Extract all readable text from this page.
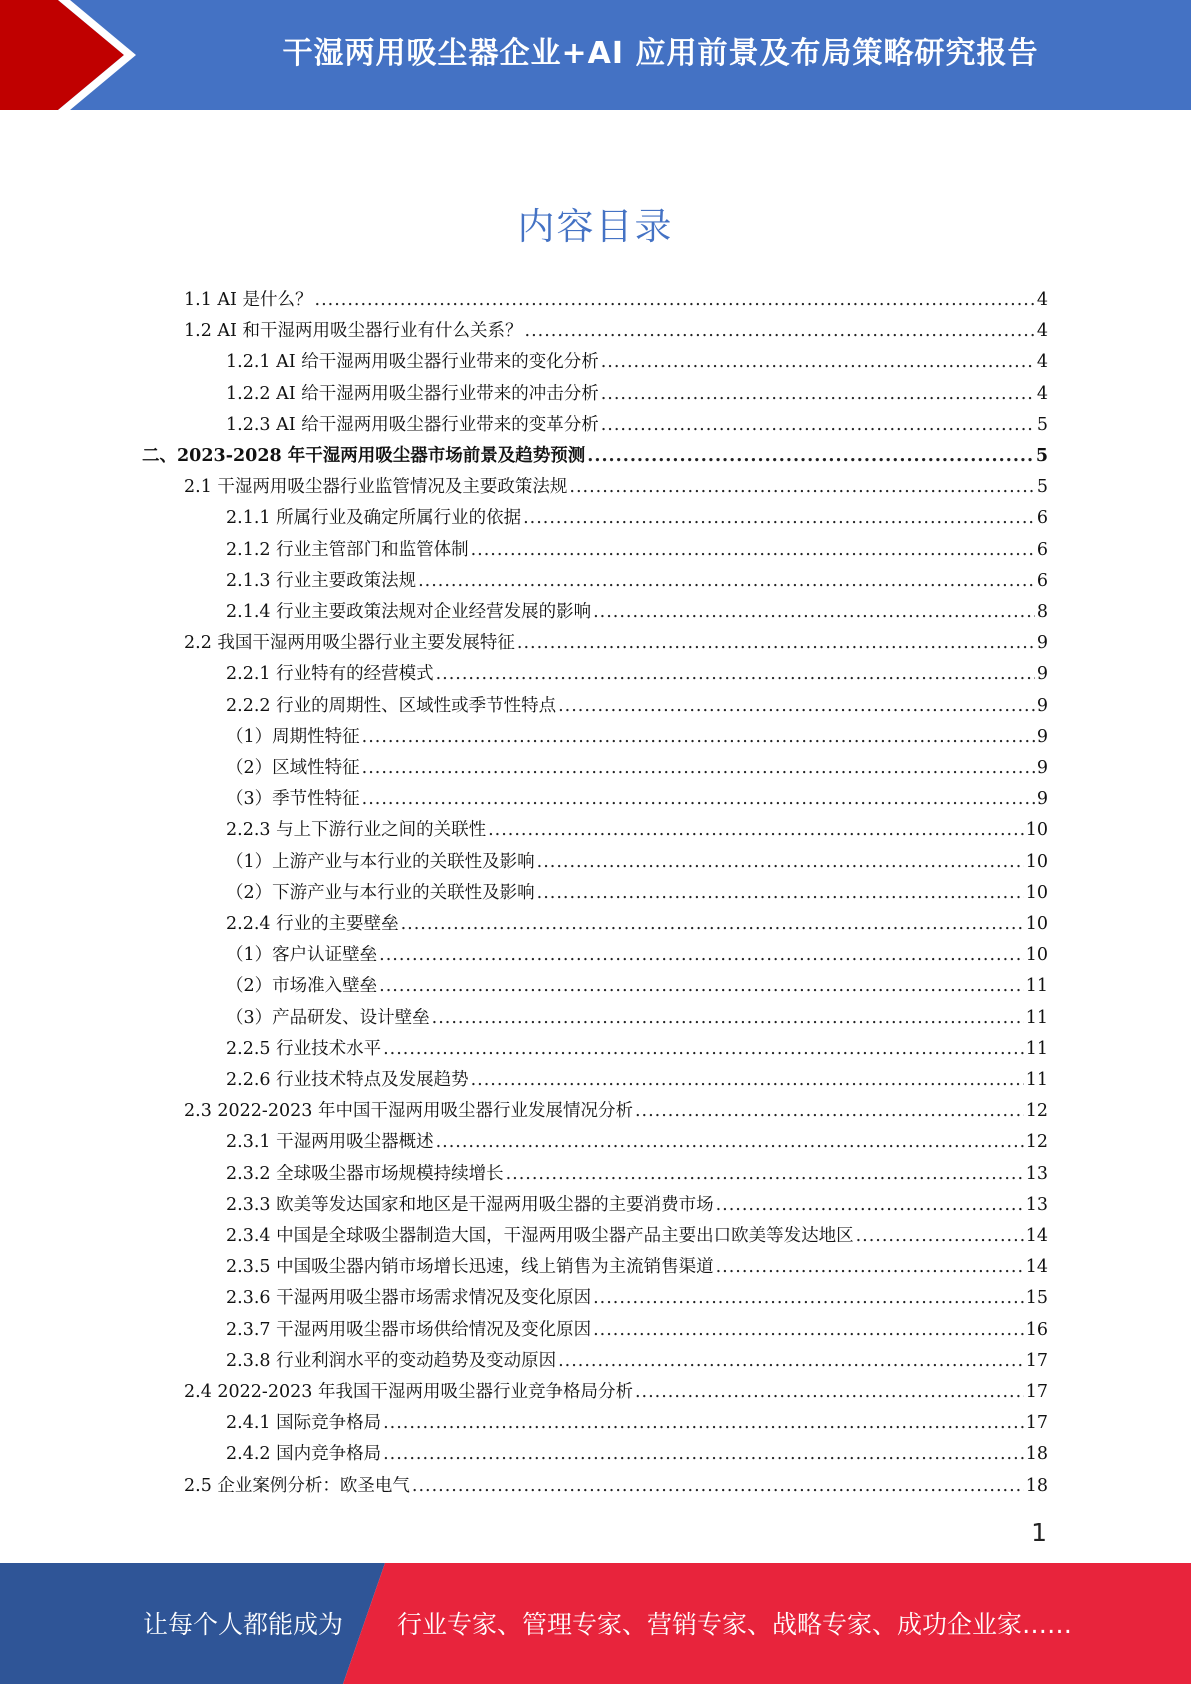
干湿两用吸尘器企业+AI 应用前景及布局策略研究报告
内容目录
1.1 AI 是什么？ .....	4
1.2 AI 和干湿两用吸尘器行业有什么关系？ .....	4
1.2.1 AI 给干湿两用吸尘器行业带来的变化分析 .....	4
1.2.2 AI 给干湿两用吸尘器行业带来的冲击分析 .....	4
1.2.3 AI 给干湿两用吸尘器行业带来的变革分析 .....	5
二、2023-2028 年干湿两用吸尘器市场前景及趋势预测 .....	5
2.1 干湿两用吸尘器行业监管情况及主要政策法规 .....	5
2.1.1 所属行业及确定所属行业的依据 .....	6
2.1.2 行业主管部门和监管体制 .....	6
2.1.3 行业主要政策法规 .....	6
2.1.4 行业主要政策法规对企业经营发展的影响 .....	8
2.2 我国干湿两用吸尘器行业主要发展特征 .....	9
2.2.1 行业特有的经营模式 .....	9
2.2.2 行业的周期性、区域性或季节性特点 .....	9
（1）周期性特征 .....	9
（2）区域性特征 .....	9
（3）季节性特征 .....	9
2.2.3 与上下游行业之间的关联性 .....	10
（1）上游产业与本行业的关联性及影响 .....	10
（2）下游产业与本行业的关联性及影响 .....	10
2.2.4 行业的主要壁垒 .....	10
（1）客户认证壁垒 .....	10
（2）市场准入壁垒 .....	11
（3）产品研发、设计壁垒 .....	11
2.2.5 行业技术水平 .....	11
2.2.6 行业技术特点及发展趋势 .....	11
2.3 2022-2023 年中国干湿两用吸尘器行业发展情况分析 .....	12
2.3.1 干湿两用吸尘器概述 .....	12
2.3.2 全球吸尘器市场规模持续增长 .....	13
2.3.3 欧美等发达国家和地区是干湿两用吸尘器的主要消费市场 .....	13
2.3.4 中国是全球吸尘器制造大国，干湿两用吸尘器产品主要出口欧美等发达地区 .....	14
2.3.5 中国吸尘器内销市场增长迅速，线上销售为主流销售渠道 .....	14
2.3.6 干湿两用吸尘器市场需求情况及变化原因 .....	15
2.3.7 干湿两用吸尘器市场供给情况及变化原因 .....	16
2.3.8 行业利润水平的变动趋势及变动原因 .....	17
2.4 2022-2023 年我国干湿两用吸尘器行业竞争格局分析 .....	17
2.4.1 国际竞争格局 .....	17
2.4.2 国内竞争格局 .....	18
2.5 企业案例分析：欧圣电气 .....	18
1
让每个人都能成为 行业专家、管理专家、营销专家、战略专家、成功企业家……
